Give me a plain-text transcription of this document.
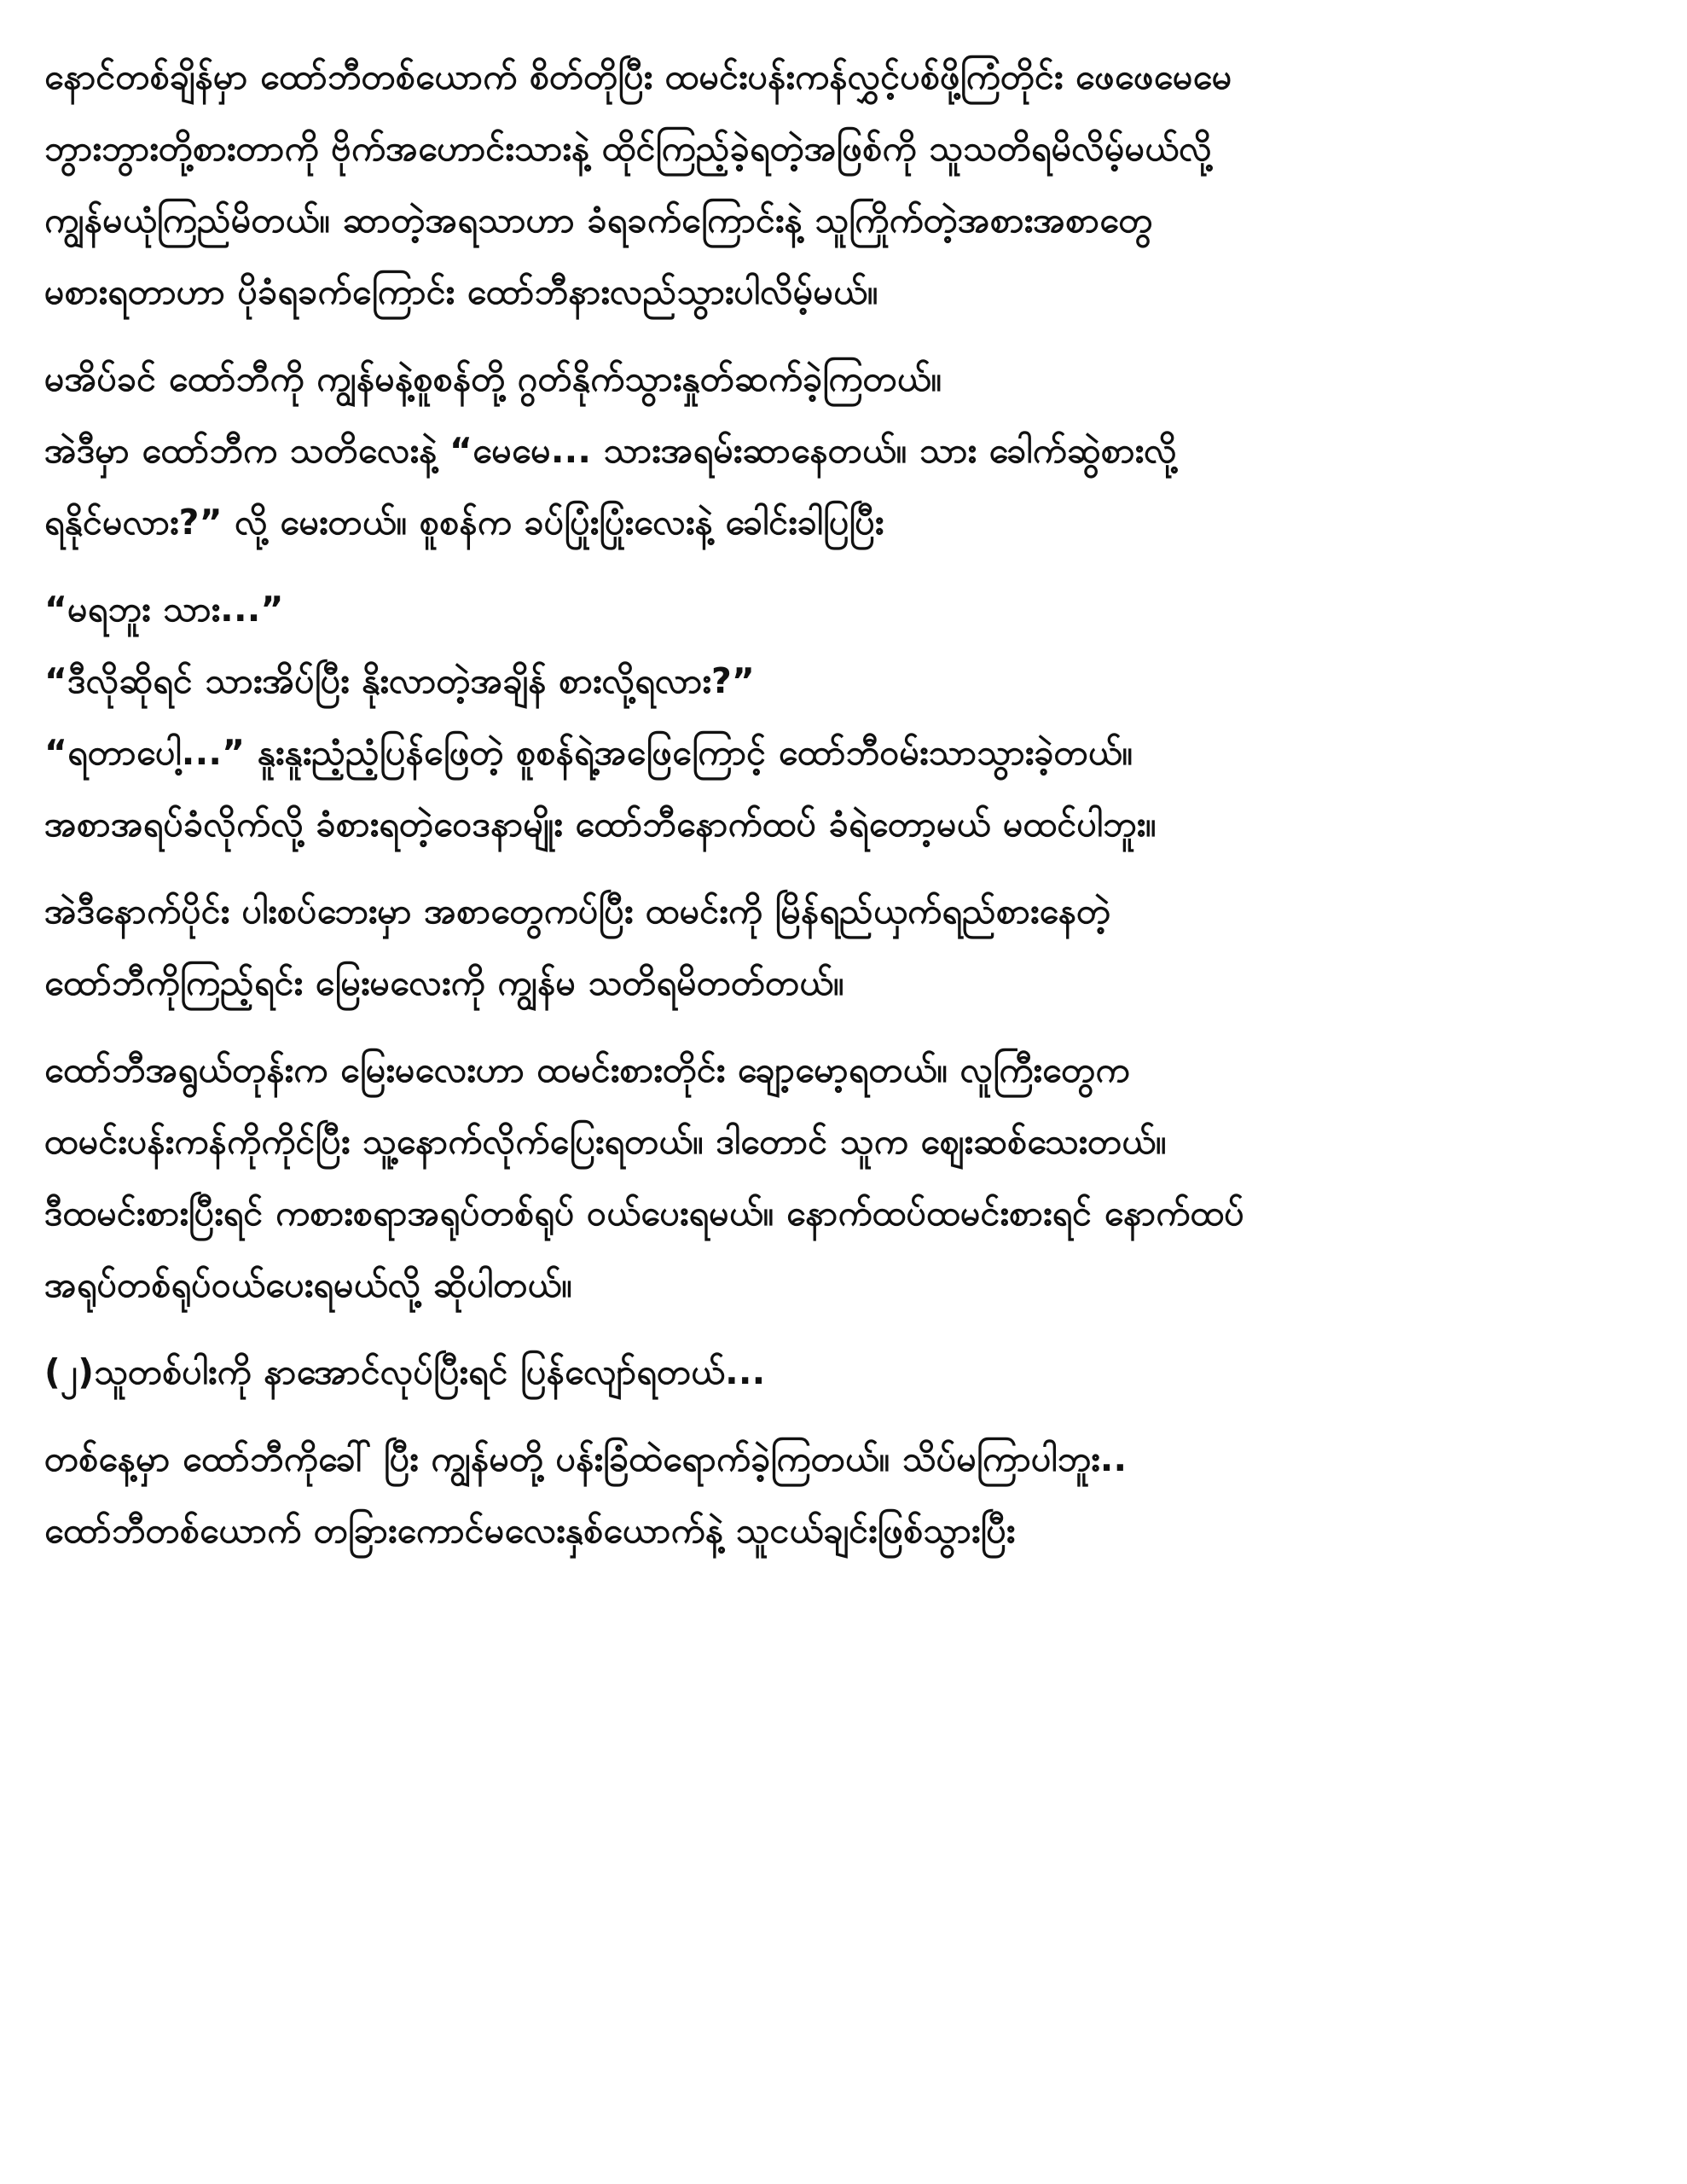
နောင်တစ်ချိန်မှာ ထော်ဘီတစ်ယောက် စိတ်တိုပြီး ထမင်းပန်းကန်လွှင့်ပစ်ဖို့ကြံတိုင်း ဖေဖေမေမေ
ဘွားဘွားတို့စားတာကို ဗိုက်အဟောင်းသားနဲ့ ထိုင်ကြည့်ခဲ့ရတဲ့အဖြစ်ကို သူသတိရမိလိမ့်မယ်လို့
ကျွန်မယုံကြည်မိတယ်။ ဆာတဲ့အရသာဟာ ခံရခက်ကြောင်းနဲ့ သူကြိုက်တဲ့အစားအစာတွေ
မစားရတာဟာ ပိုခံရခက်ကြောင်း ထော်ဘီနားလည်သွားပါလိမ့်မယ်။
မအိပ်ခင် ထော်ဘီကို ကျွန်မနဲ့စူစန်တို့ ဂွတ်နိုက်သွားနှုတ်ဆက်ခဲ့ကြတယ်။
အဲဒီမှာ ထော်ဘီက သတိလေးနဲ့ “မေမေ... သားအရမ်းဆာနေတယ်။ သား ခေါက်ဆွဲစားလို့
ရနိုင်မလား?” လို့ မေးတယ်။ စူစန်က ခပ်ပြုံးပြုံးလေးနဲ့ ခေါင်းခါပြပြီး
“မရဘူး သား...”
“ဒီလိုဆိုရင် သားအိပ်ပြီး နိုးလာတဲ့အချိန် စားလို့ရလား?”
“ရတာပေါ့...” နူးနူးညံ့ညံ့ပြန်ဖြေတဲ့ စူစန်ရဲ့အဖြေကြောင့် ထော်ဘီဝမ်းသာသွားခဲ့တယ်။
အစာအရပ်ခံလိုက်လို့ ခံစားရတဲ့ဝေဒနာမျိုး ထော်ဘီနောက်ထပ် ခံရဲတော့မယ် မထင်ပါဘူး။
အဲဒီနောက်ပိုင်း ပါးစပ်ဘေးမှာ အစာတွေကပ်ပြီး ထမင်းကို မြိန်ရည်ယှက်ရည်စားနေတဲ့
ထော်ဘီကိုကြည့်ရင်း မြေးမလေးကို ကျွန်မ သတိရမိတတ်တယ်။
ထော်ဘီအရွယ်တုန်းက မြေးမလေးဟာ ထမင်းစားတိုင်း ချော့မော့ရတယ်။ လူကြီးတွေက
ထမင်းပန်းကန်ကိုကိုင်ပြီး သူ့နောက်လိုက်ပြေးရတယ်။ ဒါတောင် သူက ဈေးဆစ်သေးတယ်။
ဒီထမင်းစားပြီးရင် ကစားစရာအရုပ်တစ်ရုပ် ဝယ်ပေးရမယ်။ နောက်ထပ်ထမင်းစားရင် နောက်ထပ်
အရုပ်တစ်ရုပ်ဝယ်ပေးရမယ်လို့ ဆိုပါတယ်။
(၂)သူတစ်ပါးကို နာအောင်လုပ်ပြီးရင် ပြန်လျော်ရတယ်...
တစ်နေ့မှာ ထော်ဘီကိုခေါ် ပြီး ကျွန်မတို့ ပန်းခြံထဲရောက်ခဲ့ကြတယ်။ သိပ်မကြာပါဘူး..
ထော်ဘီတစ်ယောက် တခြားကောင်မလေးနှစ်ယောက်နဲ့ သူငယ်ချင်းဖြစ်သွားပြီး
